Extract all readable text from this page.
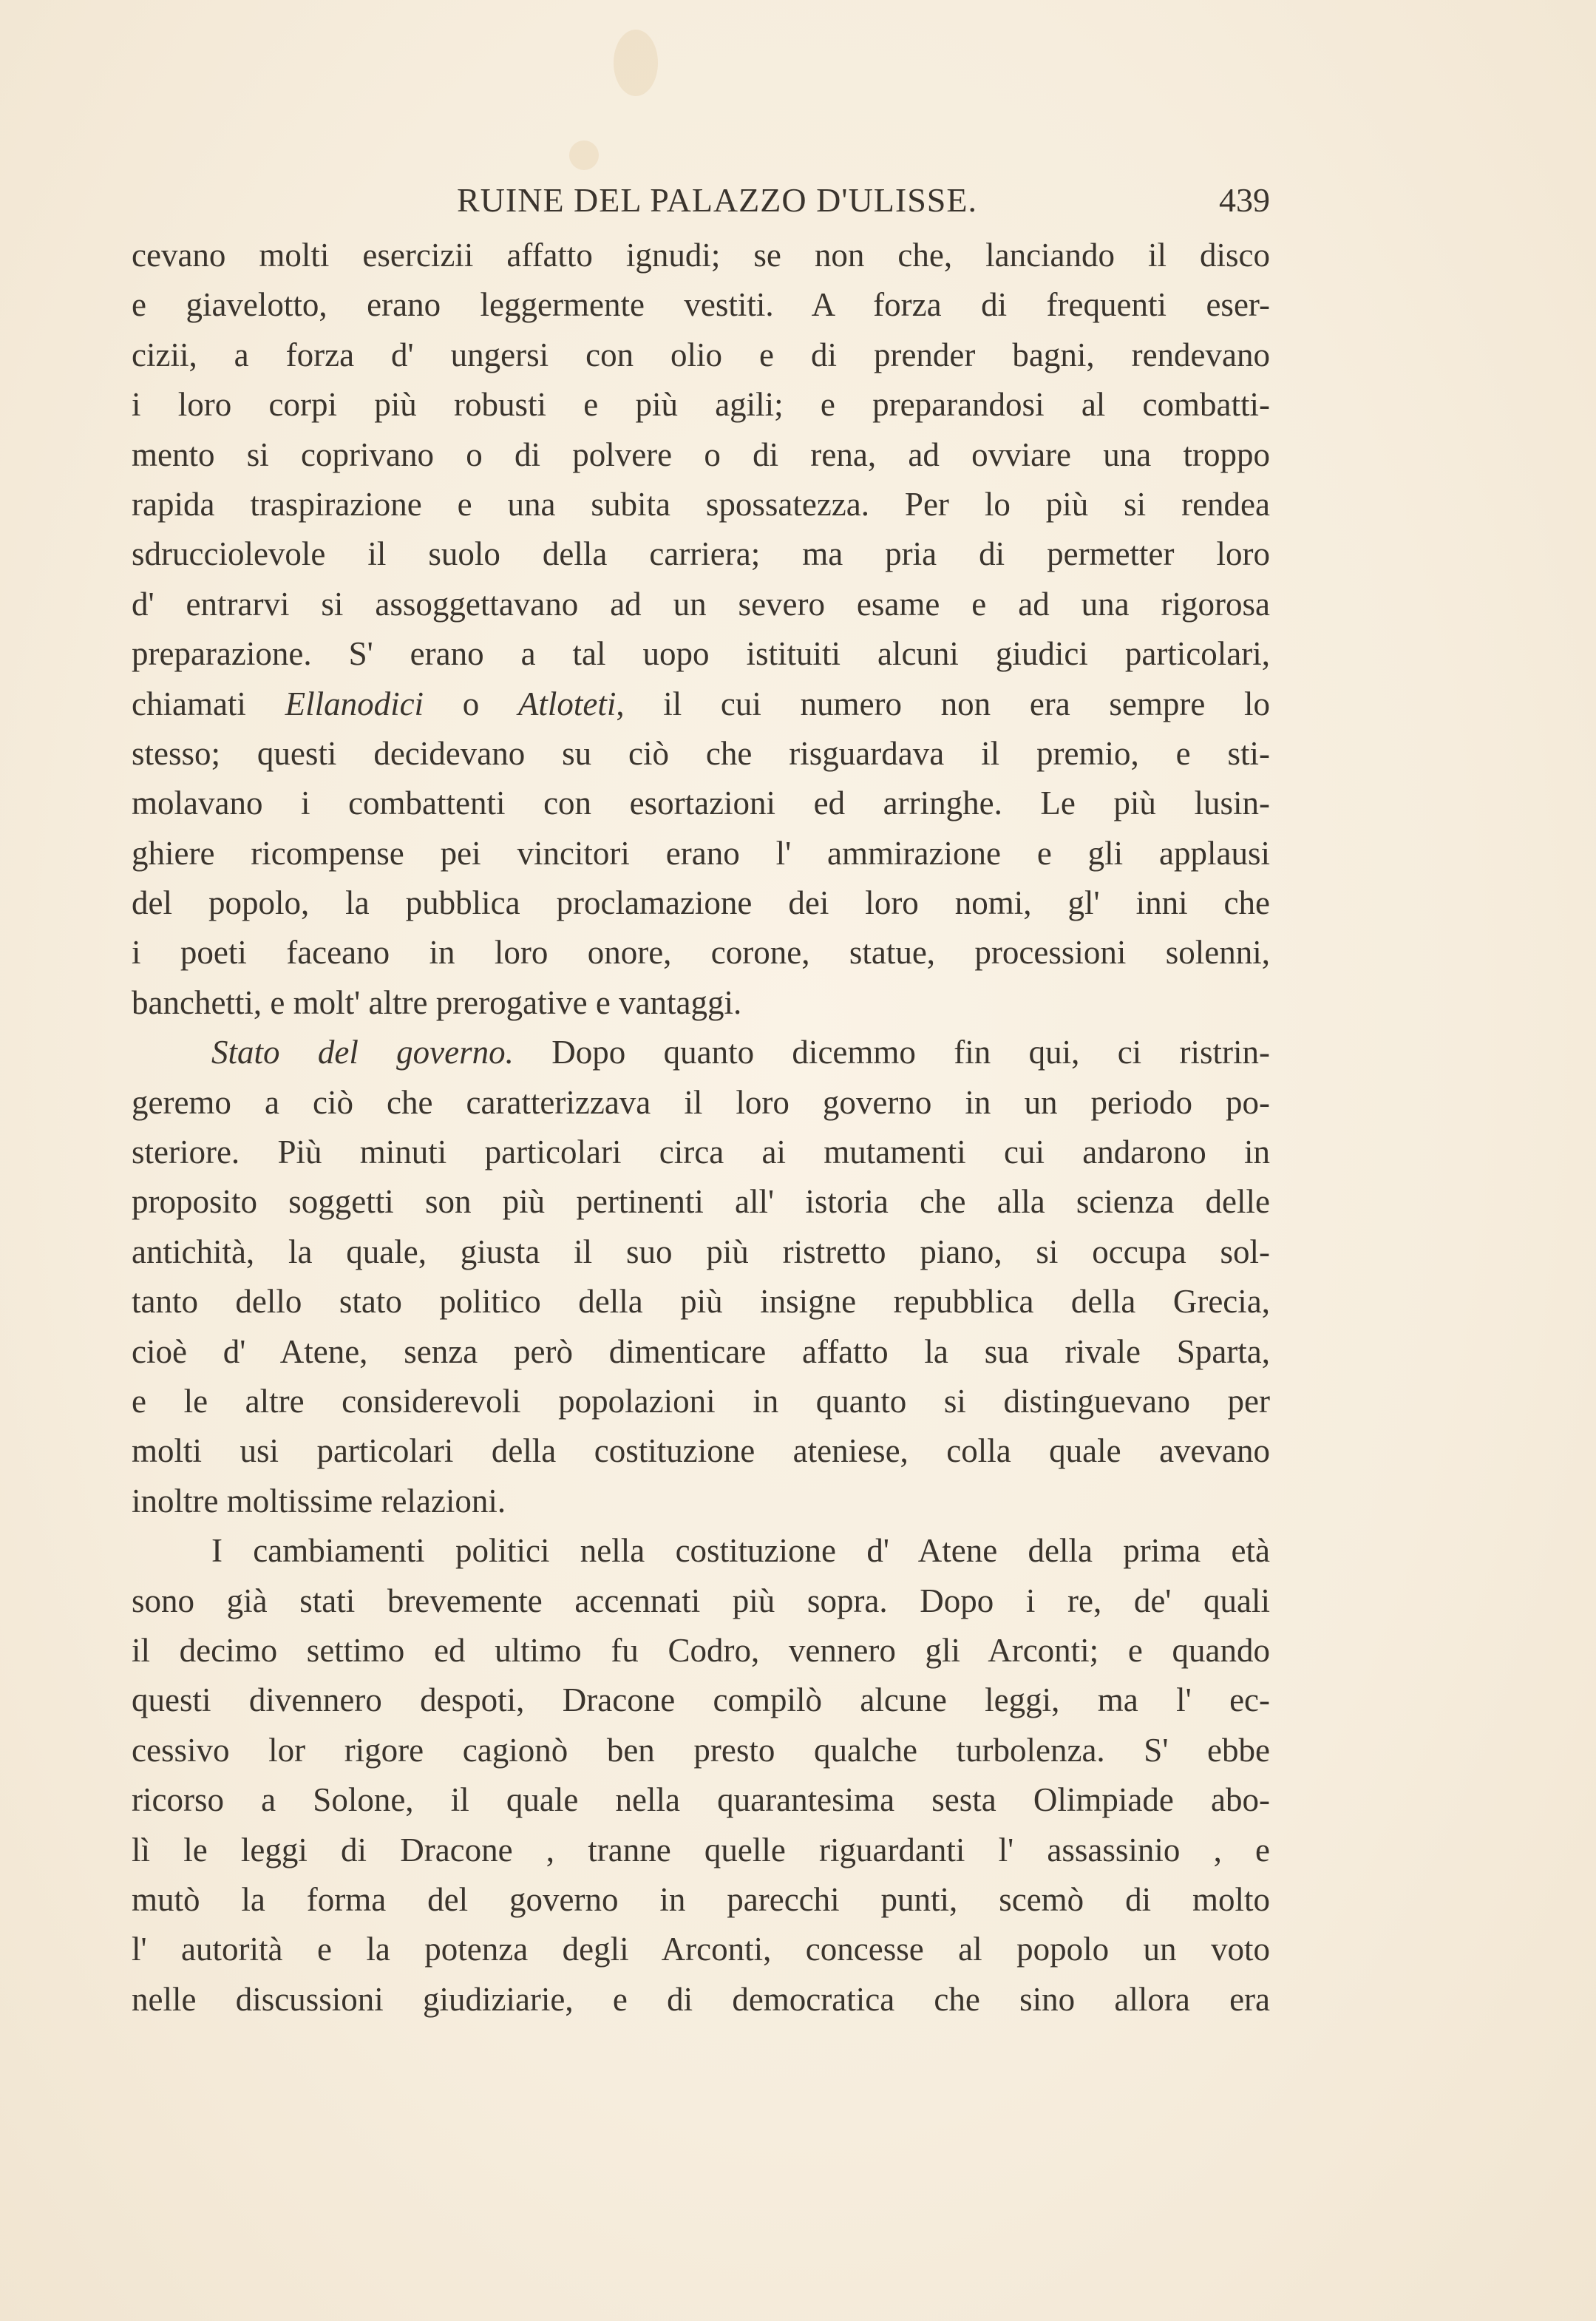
RUINE DEL PALAZZO D'ULISSE.	439
cevano molti esercizii affatto ignudi; se non che, lanciando il disco
e giavelotto, erano leggermente vestiti. A forza di frequenti eser-
cizii, a forza d' ungersi con olio e di prender bagni, rendevano
i loro corpi più robusti e più agili; e preparandosi al combatti-
mento si coprivano o di polvere o di rena, ad ovviare una troppo
rapida traspirazione e una subita spossatezza. Per lo più si rendea
sdrucciolevole il suolo della carriera; ma pria di permetter loro
d' entrarvi si assoggettavano ad un severo esame e ad una rigorosa
preparazione. S' erano a tal uopo istituiti alcuni giudici particolari,
chiamati Ellanodici o Atloteti, il cui numero non era sempre lo
stesso; questi decidevano su ciò che risguardava il premio, e sti-
molavano i combattenti con esortazioni ed arringhe. Le più lusin-
ghiere ricompense pei vincitori erano l' ammirazione e gli applausi
del popolo, la pubblica proclamazione dei loro nomi, gl' inni che
i poeti faceano in loro onore, corone, statue, processioni solenni,
banchetti, e molt' altre prerogative e vantaggi.
Stato del governo. Dopo quanto dicemmo fin qui, ci ristrin-
geremo a ciò che caratterizzava il loro governo in un periodo po-
steriore. Più minuti particolari circa ai mutamenti cui andarono in
proposito soggetti son più pertinenti all' istoria che alla scienza delle
antichità, la quale, giusta il suo più ristretto piano, si occupa sol-
tanto dello stato politico della più insigne repubblica della Grecia,
cioè d' Atene, senza però dimenticare affatto la sua rivale Sparta,
e le altre considerevoli popolazioni in quanto si distinguevano per
molti usi particolari della costituzione ateniese, colla quale avevano
inoltre moltissime relazioni.
I cambiamenti politici nella costituzione d' Atene della prima età
sono già stati brevemente accennati più sopra. Dopo i re, de' quali
il decimo settimo ed ultimo fu Codro, vennero gli Arconti; e quando
questi divennero despoti, Dracone compilò alcune leggi, ma l' ec-
cessivo lor rigore cagionò ben presto qualche turbolenza. S' ebbe
ricorso a Solone, il quale nella quarantesima sesta Olimpiade abo-
lì le leggi di Dracone , tranne quelle riguardanti l' assassinio , e
mutò la forma del governo in parecchi punti, scemò di molto
l' autorità e la potenza degli Arconti, concesse al popolo un voto
nelle discussioni giudiziarie, e di democratica che sino allora era
